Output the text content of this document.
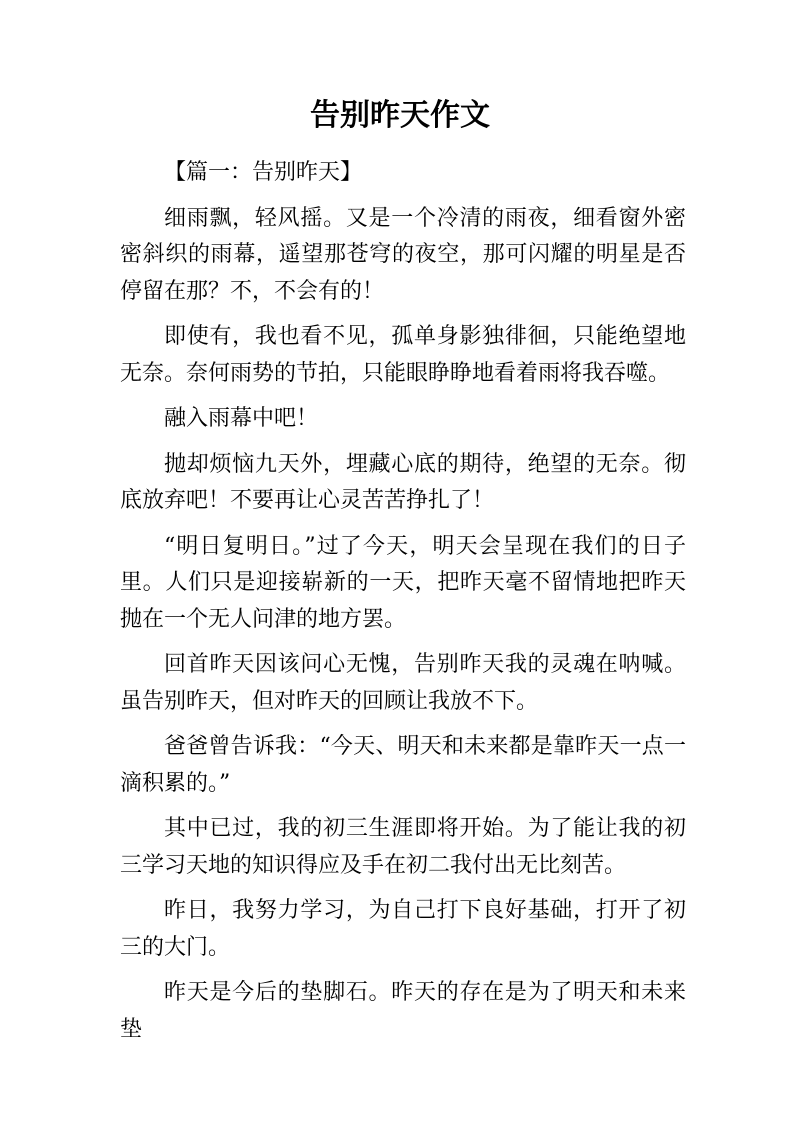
告别昨天作文

【篇一：告别昨天】

细雨飘，轻风摇。又是一个冷清的雨夜，细看窗外密密斜织的雨幕，遥望那苍穹的夜空，那可闪耀的明星是否停留在那？不，不会有的！

即使有，我也看不见，孤单身影独徘徊，只能绝望地无奈。奈何雨势的节拍，只能眼睁睁地看着雨将我吞噬。

融入雨幕中吧！

抛却烦恼九天外，埋藏心底的期待，绝望的无奈。彻底放弃吧！不要再让心灵苦苦挣扎了！

“明日复明日。”过了今天，明天会呈现在我们的日子里。人们只是迎接崭新的一天，把昨天毫不留情地把昨天抛在一个无人问津的地方罢。

回首昨天因该问心无愧，告别昨天我的灵魂在呐喊。虽告别昨天，但对昨天的回顾让我放不下。

爸爸曾告诉我：“今天、明天和未来都是靠昨天一点一滴积累的。”

其中已过，我的初三生涯即将开始。为了能让我的初三学习天地的知识得应及手在初二我付出无比刻苦。

昨日，我努力学习，为自己打下良好基础，打开了初三的大门。

昨天是今后的垫脚石。昨天的存在是为了明天和未来垫
